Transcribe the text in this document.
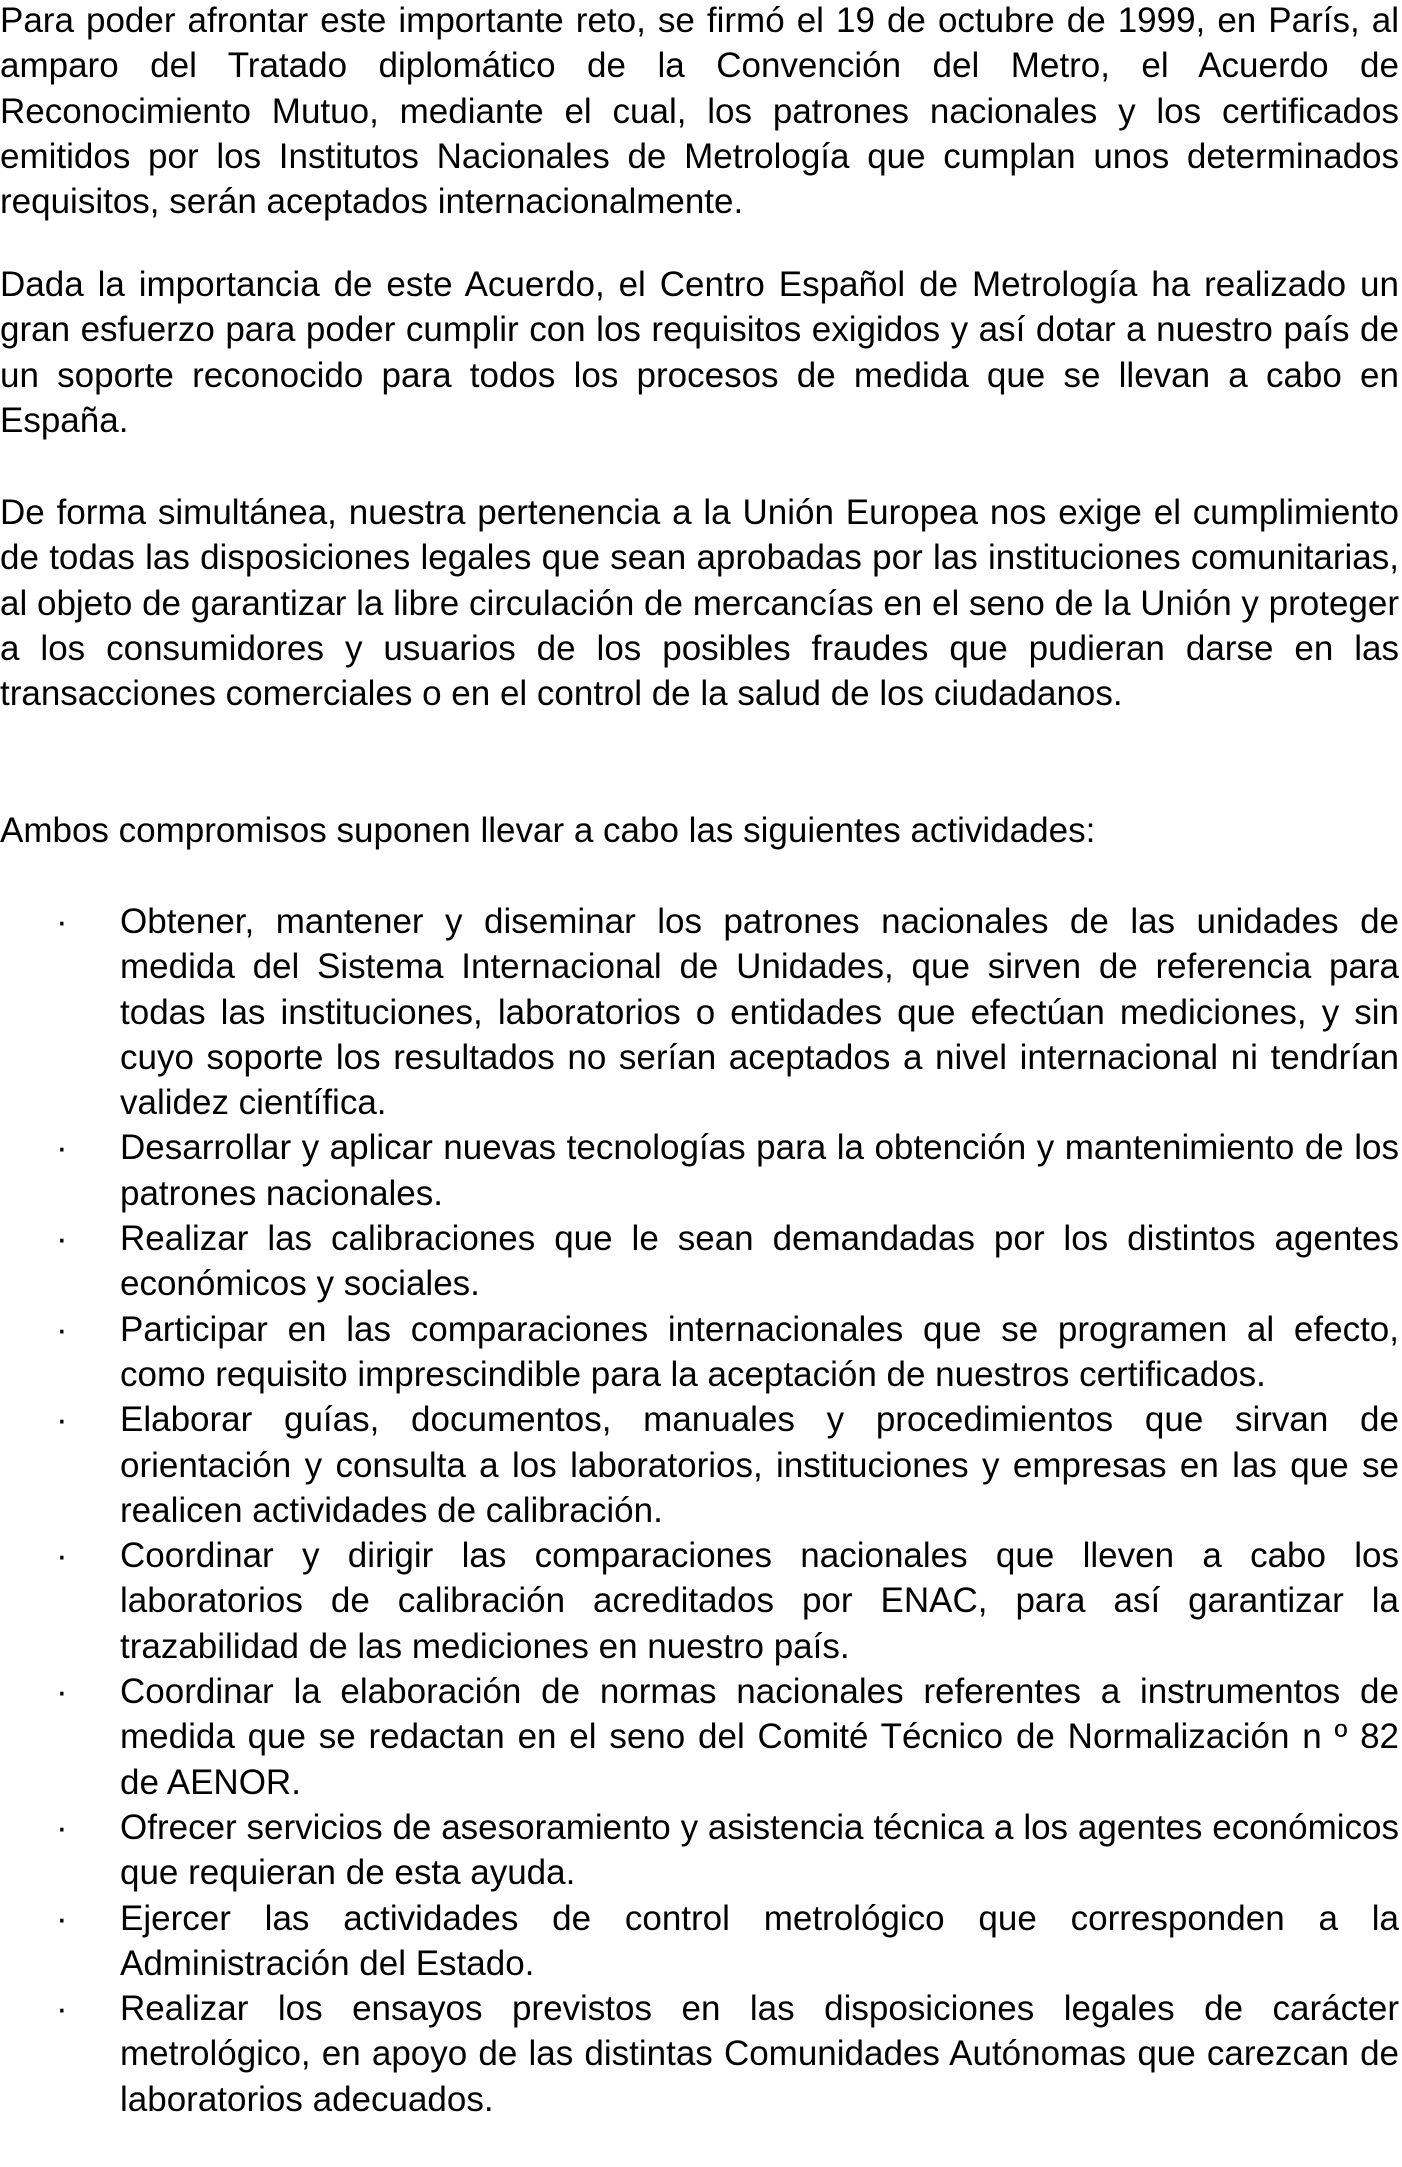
Para poder afrontar este importante reto, se firmó el 19 de octubre de 1999, en París, al amparo del Tratado diplomático de la Convención del Metro, el Acuerdo de Reconocimiento Mutuo, mediante el cual, los patrones nacionales y los certificados emitidos por los Institutos Nacionales de Metrología que cumplan unos determinados requisitos, serán aceptados internacionalmente.

Dada la importancia de este Acuerdo, el Centro Español de Metrología ha realizado un gran esfuerzo para poder cumplir con los requisitos exigidos y así dotar a nuestro país de un soporte reconocido para todos los procesos de medida que se llevan a cabo en España.

De forma simultánea, nuestra pertenencia a la Unión Europea nos exige el cumplimiento de todas las disposiciones legales que sean aprobadas por las instituciones comunitarias, al objeto de garantizar la libre circulación de mercancías en el seno de la Unión y proteger a los consumidores y usuarios de los posibles fraudes que pudieran darse en las transacciones comerciales o en el control de la salud de los ciudadanos.

Ambos compromisos suponen llevar a cabo las siguientes actividades:

·	Obtener, mantener y diseminar los patrones nacionales de las unidades de medida del Sistema Internacional de Unidades, que sirven de referencia para todas las instituciones, laboratorios o entidades que efectúan mediciones, y sin cuyo soporte los resultados no serían aceptados a nivel internacional ni tendrían validez científica.
·	Desarrollar y aplicar nuevas tecnologías para la obtención y mantenimiento de los patrones nacionales.
·	Realizar las calibraciones que le sean demandadas por los distintos agentes económicos y sociales.
·	Participar en las comparaciones internacionales que se programen al efecto, como requisito imprescindible para la aceptación de nuestros certificados.
·	Elaborar guías, documentos, manuales y procedimientos que sirvan de orientación y consulta a los laboratorios, instituciones y empresas en las que se realicen actividades de calibración.
·	Coordinar y dirigir las comparaciones nacionales que lleven a cabo los laboratorios de calibración acreditados por ENAC, para así garantizar la trazabilidad de las mediciones en nuestro país.
·	Coordinar la elaboración de normas nacionales referentes a instrumentos de medida que se redactan en el seno del Comité Técnico de Normalización n º 82 de AENOR.
·	Ofrecer servicios de asesoramiento y asistencia técnica a los agentes económicos que requieran de esta ayuda.
·	Ejercer las actividades de control metrológico que corresponden a la Administración del Estado.
·	Realizar los ensayos previstos en las disposiciones legales de carácter metrológico, en apoyo de las distintas Comunidades Autónomas que carezcan de laboratorios adecuados.
